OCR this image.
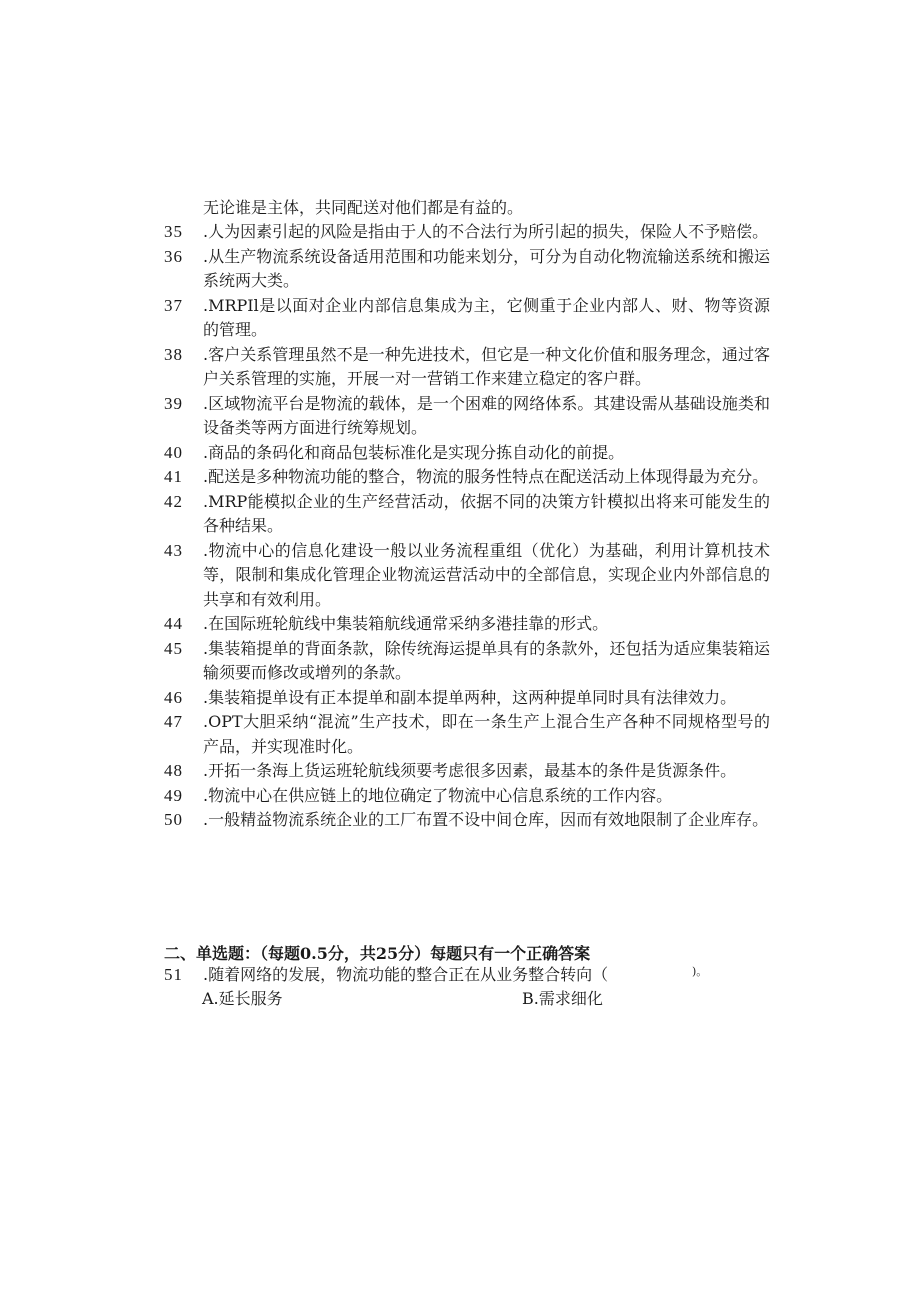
无论谁是主体，共同配送对他们都是有益的。
35 .人为因素引起的风险是指由于人的不合法行为所引起的损失，保险人不予赔偿。
36 .从生产物流系统设备适用范围和功能来划分，可分为自动化物流输送系统和搬运系统两大类。
37 .MRPIl是以面对企业内部信息集成为主，它侧重于企业内部人、财、物等资源的管理。
38 .客户关系管理虽然不是一种先进技术，但它是一种文化价值和服务理念，通过客户关系管理的实施，开展一对一营销工作来建立稳定的客户群。
39 .区域物流平台是物流的载体，是一个困难的网络体系。其建设需从基础设施类和设备类等两方面进行统筹规划。
40 .商品的条码化和商品包装标准化是实现分拣自动化的前提。
41 .配送是多种物流功能的整合，物流的服务性特点在配送活动上体现得最为充分。
42 .MRP能模拟企业的生产经营活动，依据不同的决策方针模拟出将来可能发生的各种结果。
43 .物流中心的信息化建设一般以业务流程重组（优化）为基础，利用计算机技术等，限制和集成化管理企业物流运营活动中的全部信息，实现企业内外部信息的共享和有效利用。
44 .在国际班轮航线中集装箱航线通常采纳多港挂靠的形式。
45 .集装箱提单的背面条款，除传统海运提单具有的条款外，还包括为适应集装箱运输须要而修改或增列的条款。
46 .集装箱提单设有正本提单和副本提单两种，这两种提单同时具有法律效力。
47 .OPT大胆采纳“混流”生产技术，即在一条生产上混合生产各种不同规格型号的产品，并实现准时化。
48 .开拓一条海上货运班轮航线须要考虑很多因素，最基本的条件是货源条件。
49 .物流中心在供应链上的地位确定了物流中心信息系统的工作内容。
50 .一般精益物流系统企业的工厂布置不设中间仓库，因而有效地限制了企业库存。
二、单选题：（每题0.5分，共25分）每题只有一个正确答案
51 .随着网络的发展，物流功能的整合正在从业务整合转向（	)。
A.延长服务	B.需求细化
